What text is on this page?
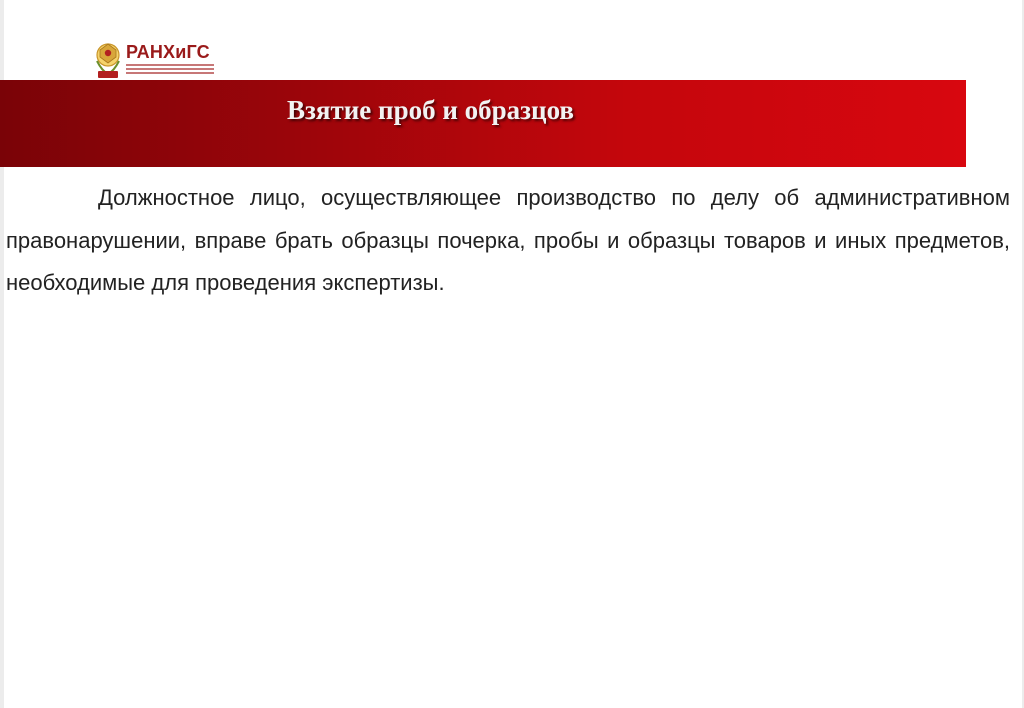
РАНХиГС
Взятие проб и образцов

Должностное лицо, осуществляющее производство по делу об административном правонарушении, вправе брать образцы почерка, пробы и образцы товаров и иных предметов, необходимые для проведения экспертизы.
